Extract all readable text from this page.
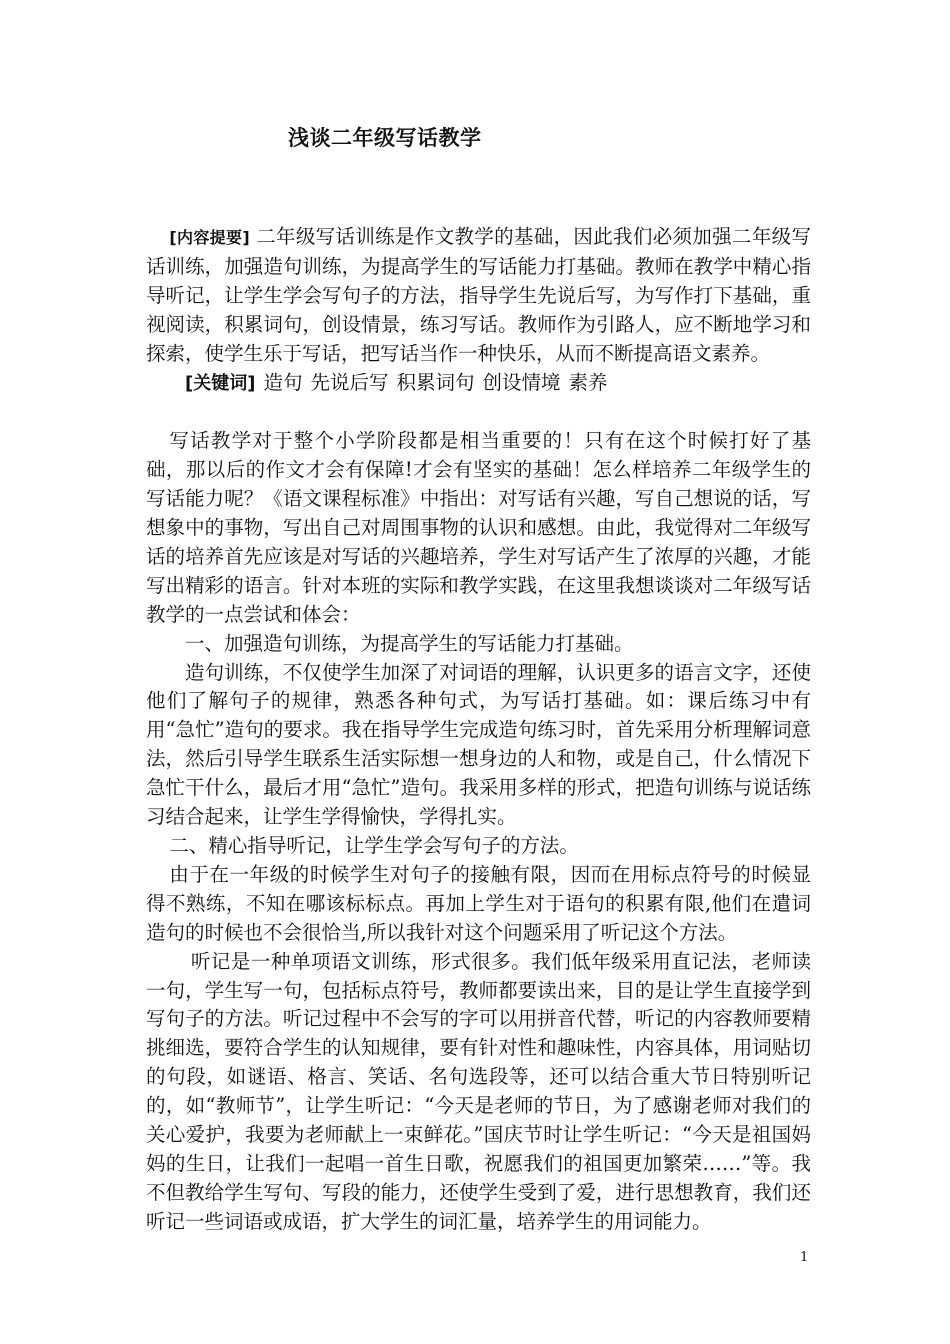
浅谈二年级写话教学

[内容提要] 二年级写话训练是作文教学的基础，因此我们必须加强二年级写话训练，加强造句训练，为提高学生的写话能力打基础。教师在教学中精心指导听记，让学生学会写句子的方法，指导学生先说后写，为写作打下基础，重视阅读，积累词句，创设情景，练习写话。教师作为引路人，应不断地学习和探索，使学生乐于写话，把写话当作一种快乐，从而不断提高语文素养。

[关键词] 造句 先说后写 积累词句 创设情境 素养

写话教学对于整个小学阶段都是相当重要的！只有在这个时候打好了基础，那以后的作文才会有保障!才会有坚实的基础！怎么样培养二年级学生的写话能力呢？《语文课程标准》中指出：对写话有兴趣，写自己想说的话，写想象中的事物，写出自己对周围事物的认识和感想。由此，我觉得对二年级写话的培养首先应该是对写话的兴趣培养，学生对写话产生了浓厚的兴趣，才能写出精彩的语言。针对本班的实际和教学实践，在这里我想谈谈对二年级写话教学的一点尝试和体会：

一、加强造句训练，为提高学生的写话能力打基础。

造句训练，不仅使学生加深了对词语的理解，认识更多的语言文字，还使他们了解句子的规律，熟悉各种句式，为写话打基础。如：课后练习中有用“急忙”造句的要求。我在指导学生完成造句练习时，首先采用分析理解词意法，然后引导学生联系生活实际想一想身边的人和物，或是自己，什么情况下急忙干什么，最后才用“急忙”造句。我采用多样的形式，把造句训练与说话练习结合起来，让学生学得愉快，学得扎实。

二、精心指导听记，让学生学会写句子的方法。

由于在一年级的时候学生对句子的接触有限，因而在用标点符号的时候显得不熟练，不知在哪该标标点。再加上学生对于语句的积累有限,他们在遣词造句的时候也不会很恰当,所以我针对这个问题采用了听记这个方法。

听记是一种单项语文训练，形式很多。我们低年级采用直记法，老师读一句，学生写一句，包括标点符号，教师都要读出来，目的是让学生直接学到写句子的方法。听记过程中不会写的字可以用拼音代替，听记的内容教师要精挑细选，要符合学生的认知规律，要有针对性和趣味性，内容具体，用词贴切的句段，如谜语、格言、笑话、名句选段等，还可以结合重大节日特别听记的，如“教师节”，让学生听记：“今天是老师的节日，为了感谢老师对我们的关心爱护，我要为老师献上一束鲜花。”国庆节时让学生听记：“今天是祖国妈妈的生日，让我们一起唱一首生日歌，祝愿我们的祖国更加繁荣……”等。我不但教给学生写句、写段的能力，还使学生受到了爱，进行思想教育，我们还听记一些词语或成语，扩大学生的词汇量，培养学生的用词能力。

1
